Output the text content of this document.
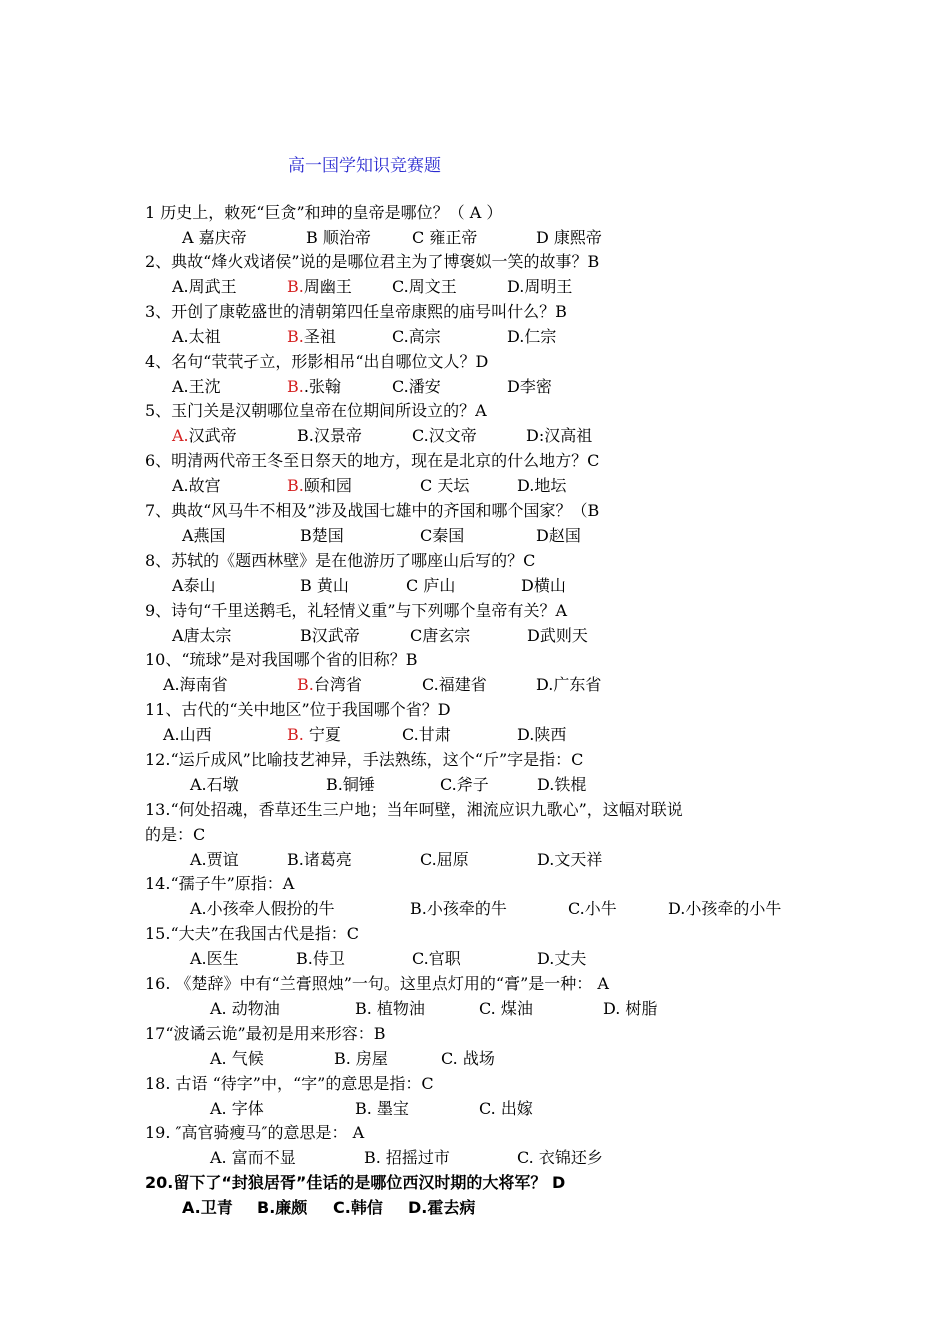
高一国学知识竞赛题
1 历史上，敕死“巨贪”和珅的皇帝是哪位？（ A ）
A 嘉庆帝	B 顺治帝	C 雍正帝	D 康熙帝
2、典故“烽火戏诸侯”说的是哪位君主为了博褒姒一笑的故事？B
A.周武王	B.周幽王	C.周文王	D.周明王
3、开创了康乾盛世的清朝第四任皇帝康熙的庙号叫什么？B
A.太祖	B.圣祖	C.高宗	D.仁宗
4、名句“茕茕孑立，形影相吊“出自哪位文人？D
A.王沈	B..张翰	C.潘安	D李密
5、玉门关是汉朝哪位皇帝在位期间所设立的？A
A.汉武帝	B.汉景帝	C.汉文帝	D:汉高祖
6、明清两代帝王冬至日祭天的地方，现在是北京的什么地方？C
A.故宫	B.颐和园	C 天坛	D.地坛
7、典故“风马牛不相及”涉及战国七雄中的齐国和哪个国家？（B
A燕国	B楚国	C秦国	D赵国
8、苏轼的《题西林壁》是在他游历了哪座山后写的？C
A泰山	B 黄山	C 庐山	D横山
9、诗句“千里送鹅毛，礼轻情义重”与下列哪个皇帝有关？A
A唐太宗	B汉武帝	C唐玄宗	D武则天
10、“琉球”是对我国哪个省的旧称？B
A.海南省	B.台湾省	C.福建省	D.广东省
11、古代的“关中地区”位于我国哪个省？D
A.山西	B. 宁夏	C.甘肃	D.陕西
12.“运斤成风”比喻技艺神异，手法熟练，这个“斤”字是指：C
A.石墩	B.铜锤	C.斧子	D.铁棍
13.“何处招魂，香草还生三户地；当年呵壁，湘流应识九歌心”，这幅对联说
的是：C
A.贾谊	B.诸葛亮	C.屈原	D.文天祥
14.“孺子牛”原指：A
A.小孩牵人假扮的牛	B.小孩牵的牛	C.小牛	D.小孩牵的小牛
15.“大夫”在我国古代是指：C
A.医生	B.侍卫	C.官职	D.丈夫
16. 《楚辞》中有“兰膏照烛”一句。这里点灯用的“膏”是一种： A
A. 动物油	B. 植物油	C. 煤油	D. 树脂
17“波谲云诡”最初是用来形容：B
A. 气候	B. 房屋	C. 战场
18. 古语 “待字”中，“字”的意思是指：C
A. 字体	B. 墨宝	C. 出嫁
19. ″高官骑瘦马″的意思是： A
A. 富而不显	B. 招摇过市	C. 衣锦还乡
20.留下了“封狼居胥”佳话的是哪位西汉时期的大将军？ D
A.卫青 B.廉颇 C.韩信 D.霍去病
